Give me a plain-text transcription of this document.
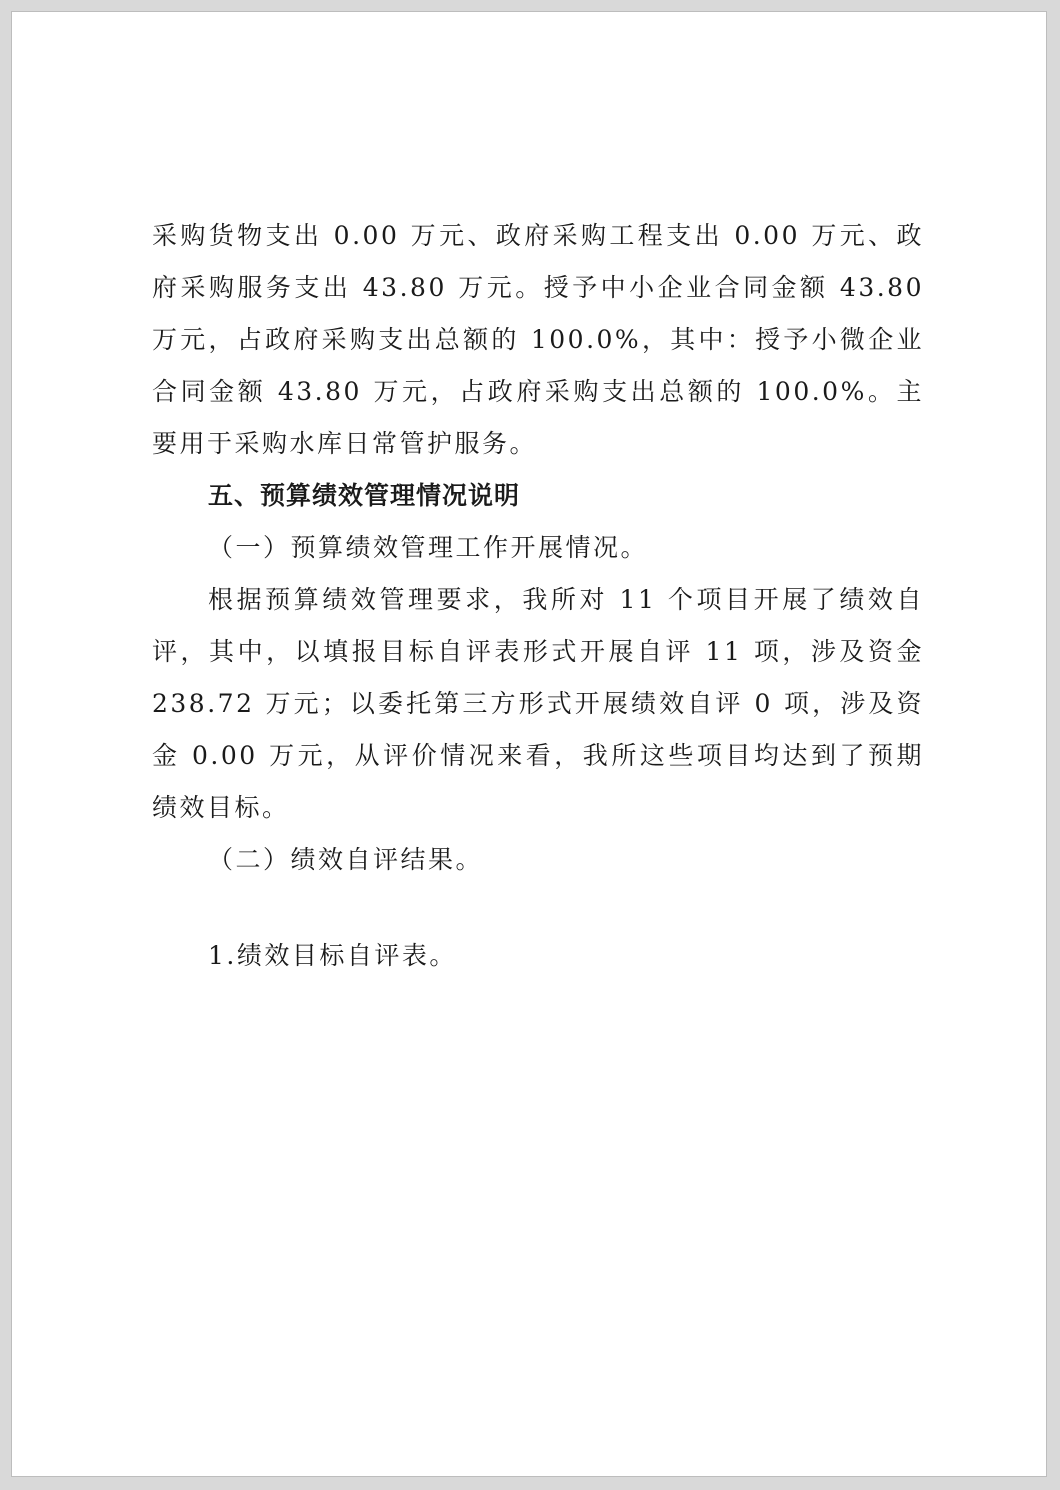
采购货物支出 0.00 万元、政府采购工程支出 0.00 万元、政府采购服务支出 43.80 万元。授予中小企业合同金额 43.80 万元，占政府采购支出总额的 100.0%，其中：授予小微企业合同金额 43.80 万元，占政府采购支出总额的 100.0%。主要用于采购水库日常管护服务。

五、预算绩效管理情况说明

（一）预算绩效管理工作开展情况。

根据预算绩效管理要求，我所对 11 个项目开展了绩效自评，其中，以填报目标自评表形式开展自评 11 项，涉及资金 238.72 万元；以委托第三方形式开展绩效自评 0 项，涉及资金 0.00 万元，从评价情况来看，我所这些项目均达到了预期绩效目标。

（二）绩效自评结果。

1.绩效目标自评表。
